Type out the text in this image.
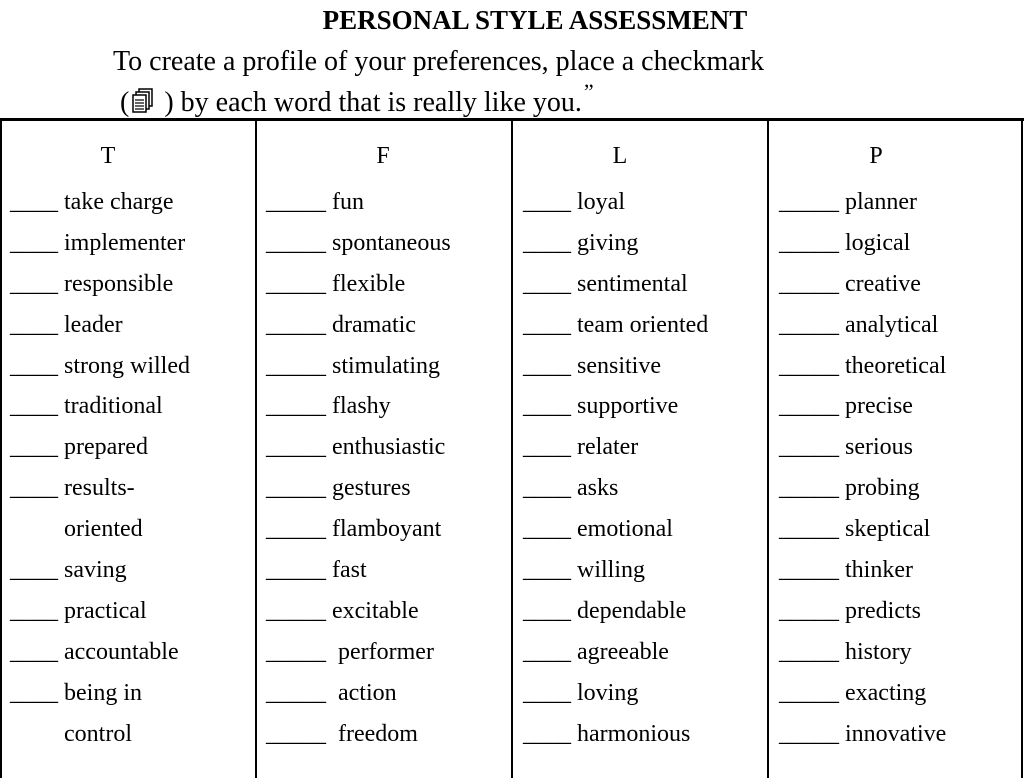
PERSONAL STYLE ASSESSMENT
To create a profile of your preferences, place a checkmark
( ) by each word that is really like you.”
T
____ take charge
____ implementer
____ responsible
____ leader
____ strong willed
____ traditional
____ prepared
____ results-
oriented
____ saving
____ practical
____ accountable
____ being in
control
F
_____ fun
_____ spontaneous
_____ flexible
_____ dramatic
_____ stimulating
_____ flashy
_____ enthusiastic
_____ gestures
_____ flamboyant
_____ fast
_____ excitable
_____  performer
_____  action
_____  freedom
L
____ loyal
____ giving
____ sentimental
____ team oriented
____ sensitive
____ supportive
____ relater
____ asks
____ emotional
____ willing
____ dependable
____ agreeable
____ loving
____ harmonious
P
_____ planner
_____ logical
_____ creative
_____ analytical
_____ theoretical
_____ precise
_____ serious
_____ probing
_____ skeptical
_____ thinker
_____ predicts
_____ history
_____ exacting
_____ innovative
